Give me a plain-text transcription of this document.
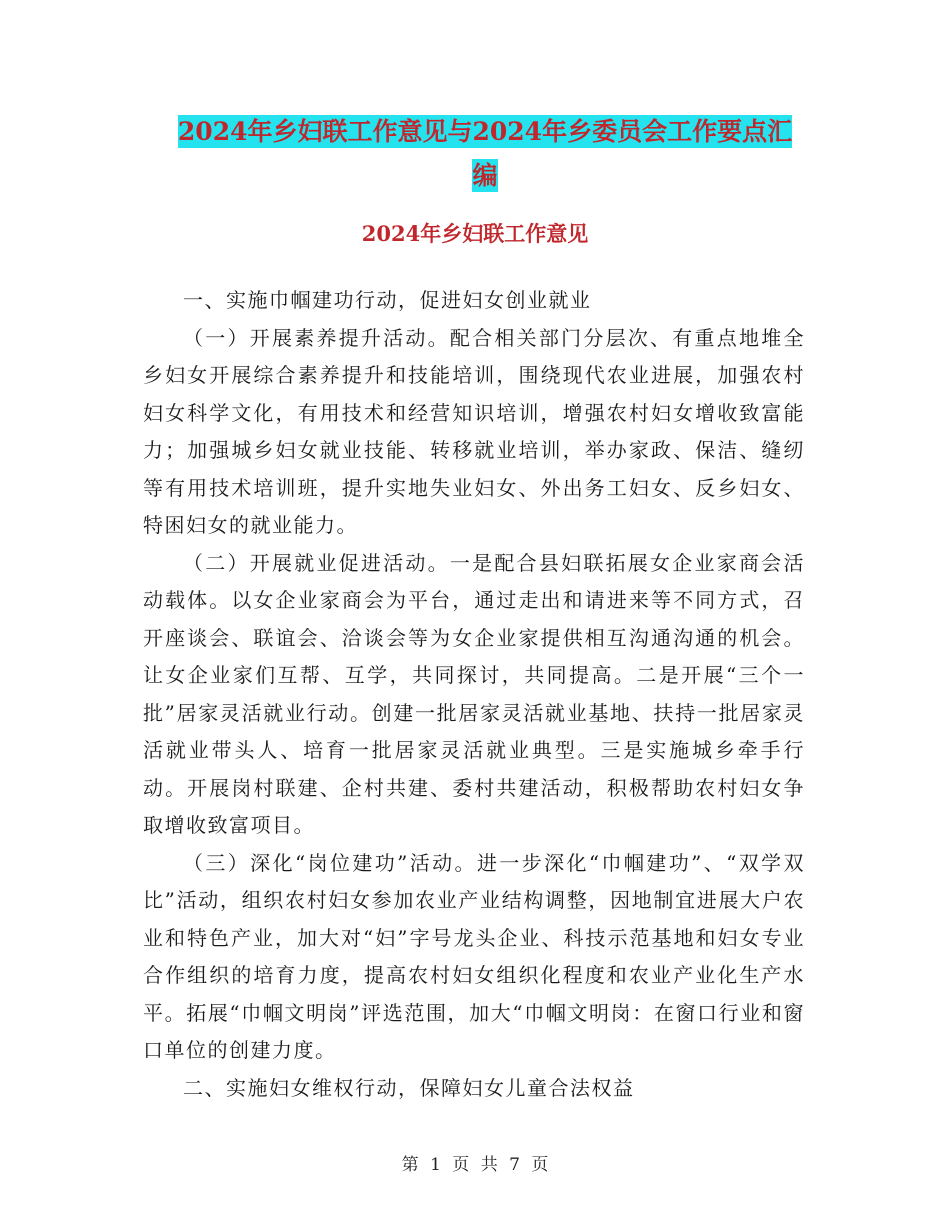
2024年乡妇联工作意见与2024年乡委员会工作要点汇
编
2024年乡妇联工作意见

一、实施巾帼建功行动，促进妇女创业就业

（一）开展素养提升活动。配合相关部门分层次、有重点地堆全乡妇女开展综合素养提升和技能培训，围绕现代农业进展，加强农村妇女科学文化，有用技术和经营知识培训，增强农村妇女增收致富能力；加强城乡妇女就业技能、转移就业培训，举办家政、保洁、缝纫等有用技术培训班，提升实地失业妇女、外出务工妇女、反乡妇女、特困妇女的就业能力。

（二）开展就业促进活动。一是配合县妇联拓展女企业家商会活动载体。以女企业家商会为平台，通过走出和请进来等不同方式，召开座谈会、联谊会、洽谈会等为女企业家提供相互沟通沟通的机会。让女企业家们互帮、互学，共同探讨，共同提高。二是开展“三个一批”居家灵活就业行动。创建一批居家灵活就业基地、扶持一批居家灵活就业带头人、培育一批居家灵活就业典型。三是实施城乡牵手行动。开展岗村联建、企村共建、委村共建活动，积极帮助农村妇女争取增收致富项目。

（三）深化“岗位建功”活动。进一步深化“巾帼建功”、“双学双比”活动，组织农村妇女参加农业产业结构调整，因地制宜进展大户农业和特色产业，加大对“妇”字号龙头企业、科技示范基地和妇女专业合作组织的培育力度，提高农村妇女组织化程度和农业产业化生产水平。拓展“巾帼文明岗”评选范围，加大“巾帼文明岗：在窗口行业和窗口单位的创建力度。

二、实施妇女维权行动，保障妇女儿童合法权益

第 1 页 共 7 页
